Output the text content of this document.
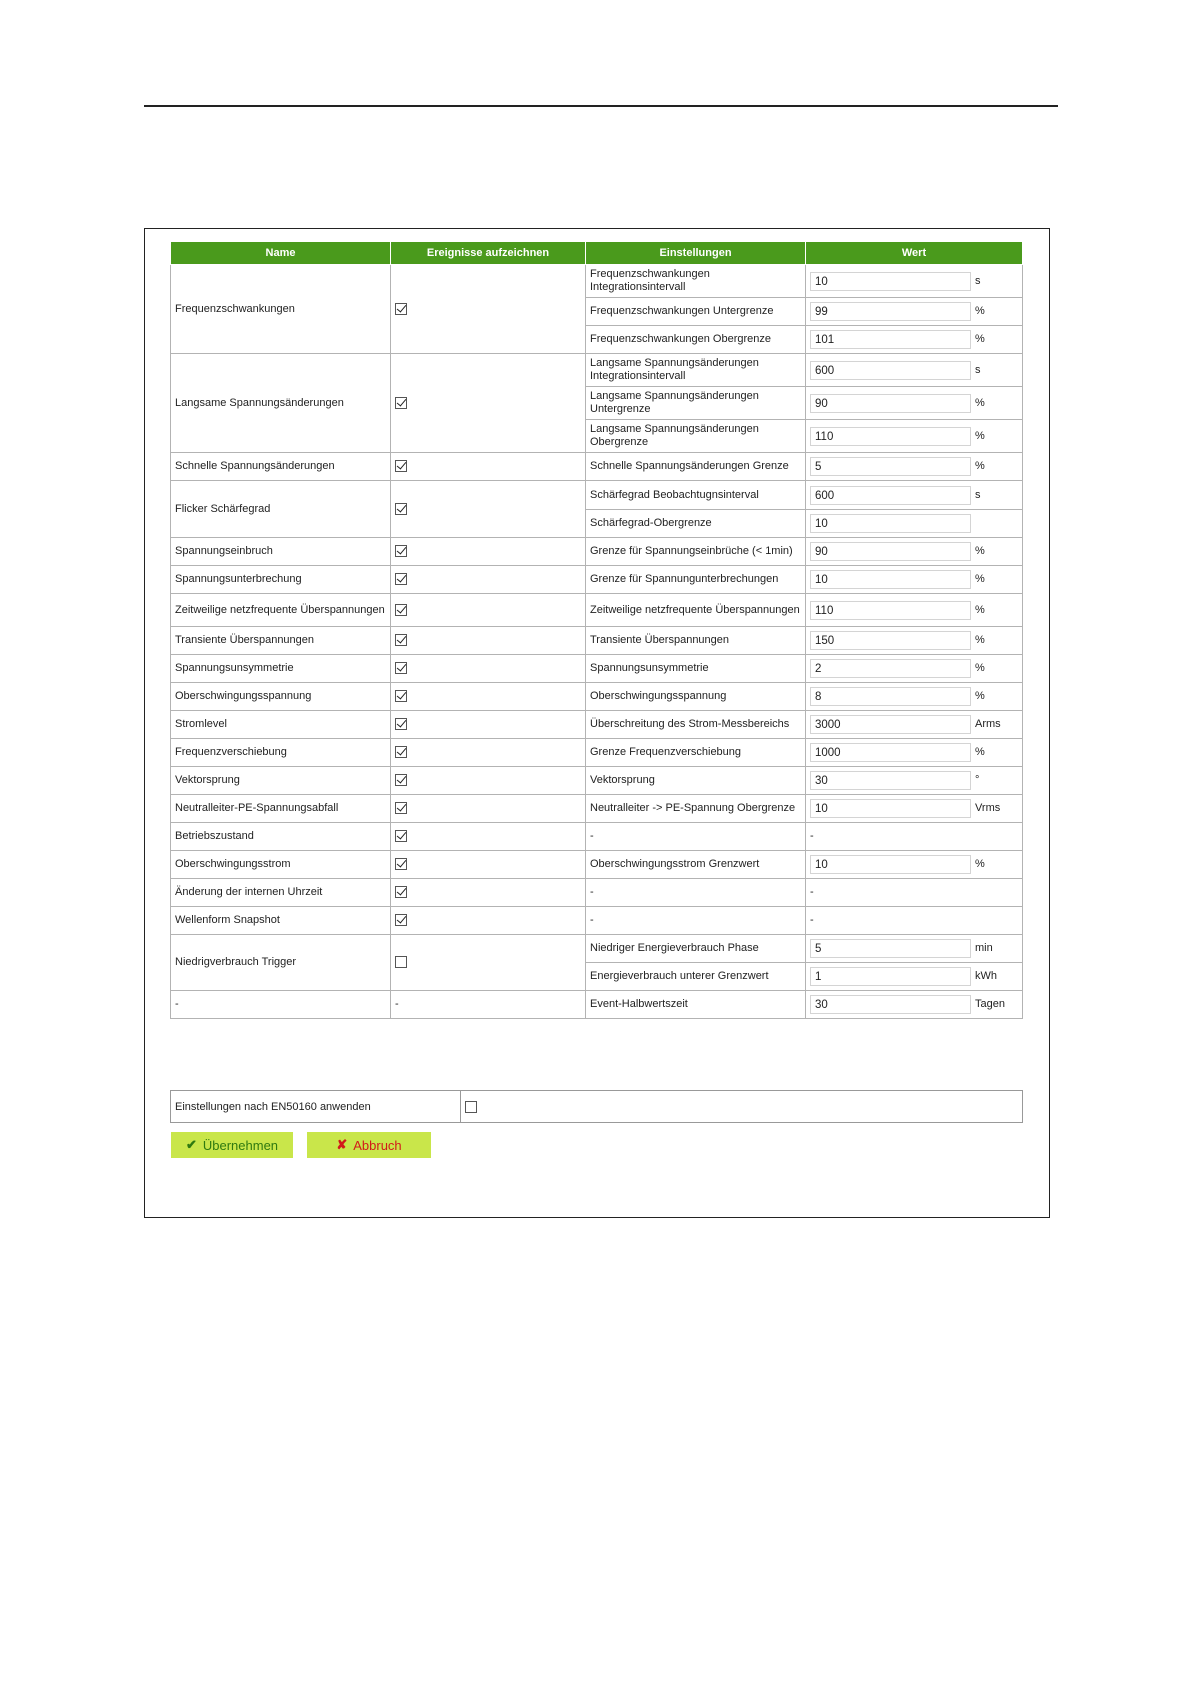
Name	Ereignisse aufzeichnen	Einstellungen	Wert
Frequenzschwankungen		Frequenzschwankungen Integrationsintervall	10 s

		Frequenzschwankungen Untergrenze	99 %

		Frequenzschwankungen Obergrenze	101 %

Langsame Spannungsänderungen		Langsame Spannungsänderungen Integrationsintervall	600 s

		Langsame Spannungsänderungen Untergrenze	90 %

		Langsame Spannungsänderungen Obergrenze	110 %

Schnelle Spannungsänderungen		Schnelle Spannungsänderungen Grenze	5 %

Flicker Schärfegrad		Schärfegrad Beobachtugnsinterval	600 s

		Schärfegrad-Obergrenze	10

Spannungseinbruch		Grenze für Spannungseinbrüche (< 1min)	90 %

Spannungsunterbrechung		Grenze für Spannungunterbrechungen	10 %

Zeitweilige netzfrequente Überspannungen		Zeitweilige netzfrequente Überspannungen	110 %

Transiente Überspannungen		Transiente Überspannungen	150 %

Spannungsunsymmetrie		Spannungsunsymmetrie	2 %

Oberschwingungsspannung		Oberschwingungsspannung	8 %

Stromlevel		Überschreitung des Strom-Messbereichs	3000 Arms

Frequenzverschiebung		Grenze Frequenzverschiebung	1000 %

Vektorsprung		Vektorsprung	30 °

Neutralleiter-PE-Spannungsabfall		Neutralleiter -> PE-Spannung Obergrenze	10 Vrms

Betriebszustand		-	-
Oberschwingungsstrom		Oberschwingungsstrom Grenzwert	10 %

Änderung der internen Uhrzeit		-	-
Wellenform Snapshot		-	-
Niedrigverbrauch Trigger		Niedriger Energieverbrauch Phase	5 min

		Energieverbrauch unterer Grenzwert	1 kWh

-	-	Event-Halbwertszeit	30 Tagen
Einstellungen nach EN50160 anwenden	
✔ Übernehmen	✘ Abbruch
